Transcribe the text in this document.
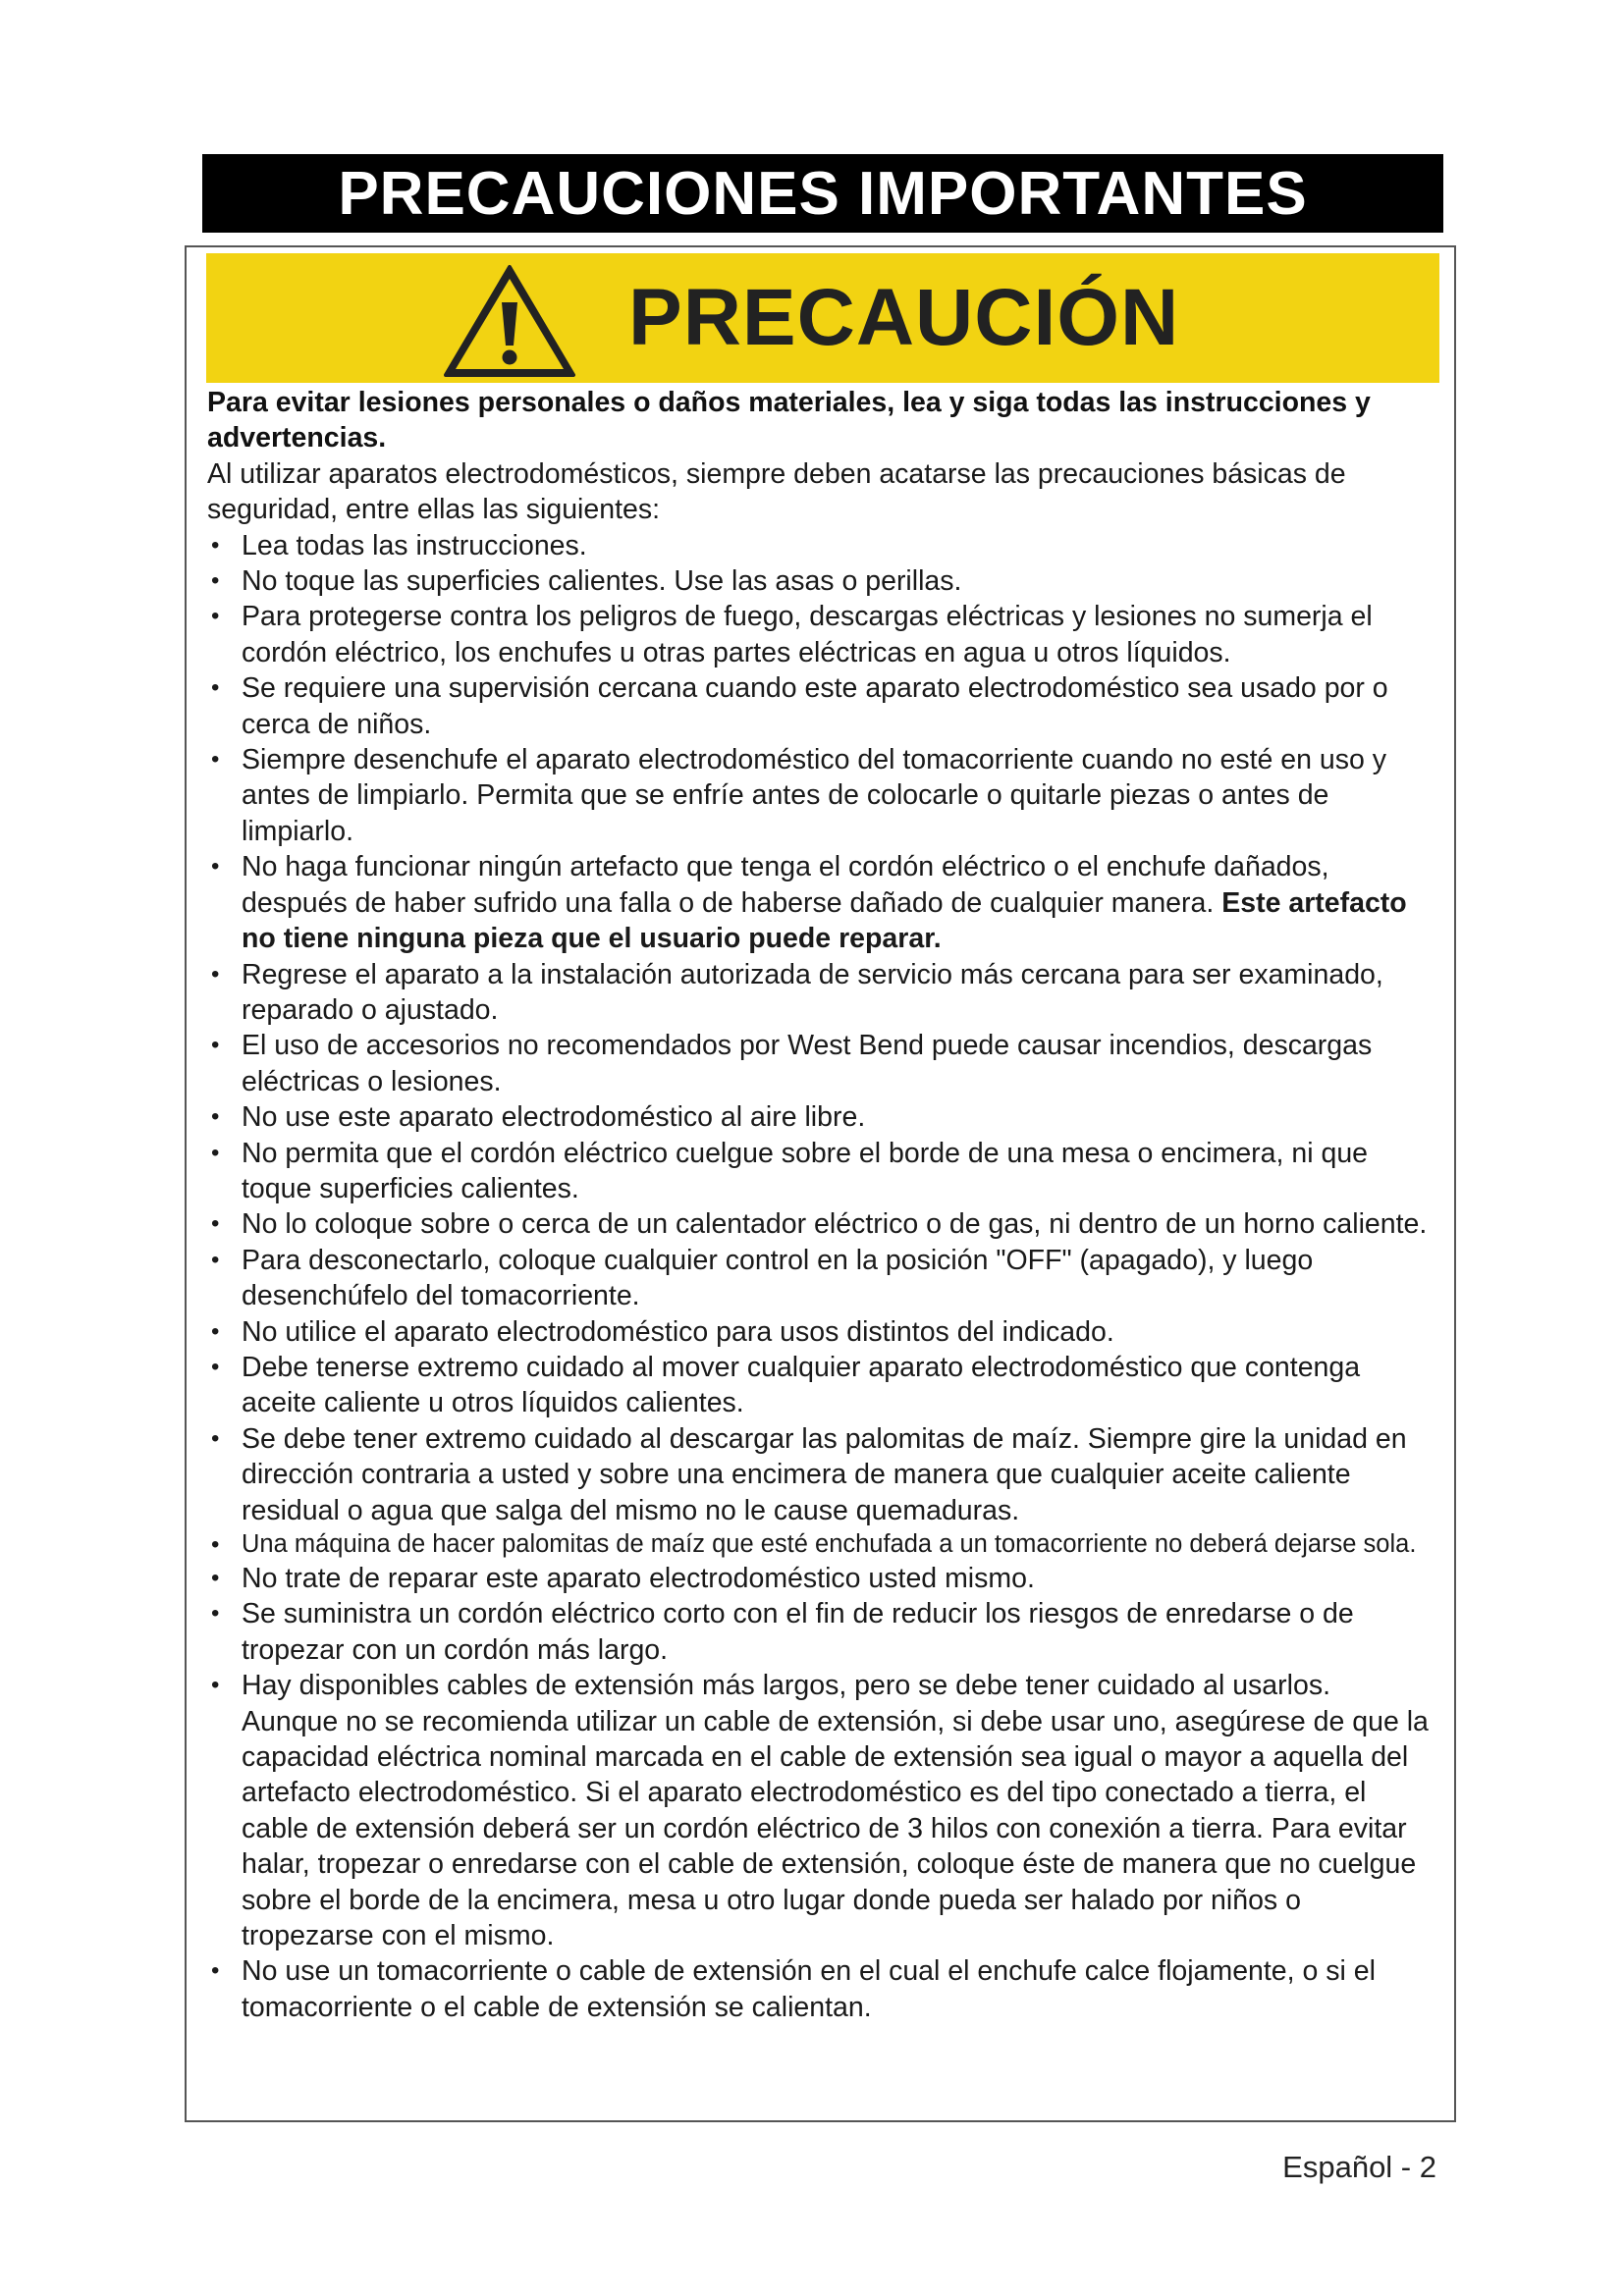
PRECAUCIONES IMPORTANTES
PRECAUCIÓN

Para evitar lesiones personales o daños materiales, lea y siga todas las instrucciones y advertencias.

Al utilizar aparatos electrodomésticos, siempre deben acatarse las precauciones básicas de seguridad, entre ellas las siguientes:

• Lea todas las instrucciones.
• No toque las superficies calientes. Use las asas o perillas.
• Para protegerse contra los peligros de fuego, descargas eléctricas y lesiones no sumerja el cordón eléctrico, los enchufes u otras partes eléctricas en agua u otros líquidos.
• Se requiere una supervisión cercana cuando este aparato electrodoméstico sea usado por o cerca de niños.
• Siempre desenchufe el aparato electrodoméstico del tomacorriente cuando no esté en uso y antes de limpiarlo. Permita que se enfríe antes de colocarle o quitarle piezas o antes de limpiarlo.
• No haga funcionar ningún artefacto que tenga el cordón eléctrico o el enchufe dañados, después de haber sufrido una falla o de haberse dañado de cualquier manera. Este artefacto no tiene ninguna pieza que el usuario puede reparar.
• Regrese el aparato a la instalación autorizada de servicio más cercana para ser examinado, reparado o ajustado.
• El uso de accesorios no recomendados por West Bend puede causar incendios, descargas eléctricas o lesiones.
• No use este aparato electrodoméstico al aire libre.
• No permita que el cordón eléctrico cuelgue sobre el borde de una mesa o encimera, ni que toque superficies calientes.
• No lo coloque sobre o cerca de un calentador eléctrico o de gas, ni dentro de un horno caliente.
• Para desconectarlo, coloque cualquier control en la posición "OFF" (apagado), y luego desenchúfelo del tomacorriente.
• No utilice el aparato electrodoméstico para usos distintos del indicado.
• Debe tenerse extremo cuidado al mover cualquier aparato electrodoméstico que contenga aceite caliente u otros líquidos calientes.
• Se debe tener extremo cuidado al descargar las palomitas de maíz. Siempre gire la unidad en dirección contraria a usted y sobre una encimera de manera que cualquier aceite caliente residual o agua que salga del mismo no le cause quemaduras.
• Una máquina de hacer palomitas de maíz que esté enchufada a un tomacorriente no deberá dejarse sola.
• No trate de reparar este aparato electrodoméstico usted mismo.
• Se suministra un cordón eléctrico corto con el fin de reducir los riesgos de enredarse o de tropezar con un cordón más largo.
• Hay disponibles cables de extensión más largos, pero se debe tener cuidado al usarlos. Aunque no se recomienda utilizar un cable de extensión, si debe usar uno, asegúrese de que la capacidad eléctrica nominal marcada en el cable de extensión sea igual o mayor a aquella del artefacto electrodoméstico. Si el aparato electrodoméstico es del tipo conectado a tierra, el cable de extensión deberá ser un cordón eléctrico de 3 hilos con conexión a tierra. Para evitar halar, tropezar o enredarse con el cable de extensión, coloque éste de manera que no cuelgue sobre el borde de la encimera, mesa u otro lugar donde pueda ser halado por niños o tropezarse con el mismo.
• No use un tomacorriente o cable de extensión en el cual el enchufe calce flojamente, o si el tomacorriente o el cable de extensión se calientan.
Español - 2
